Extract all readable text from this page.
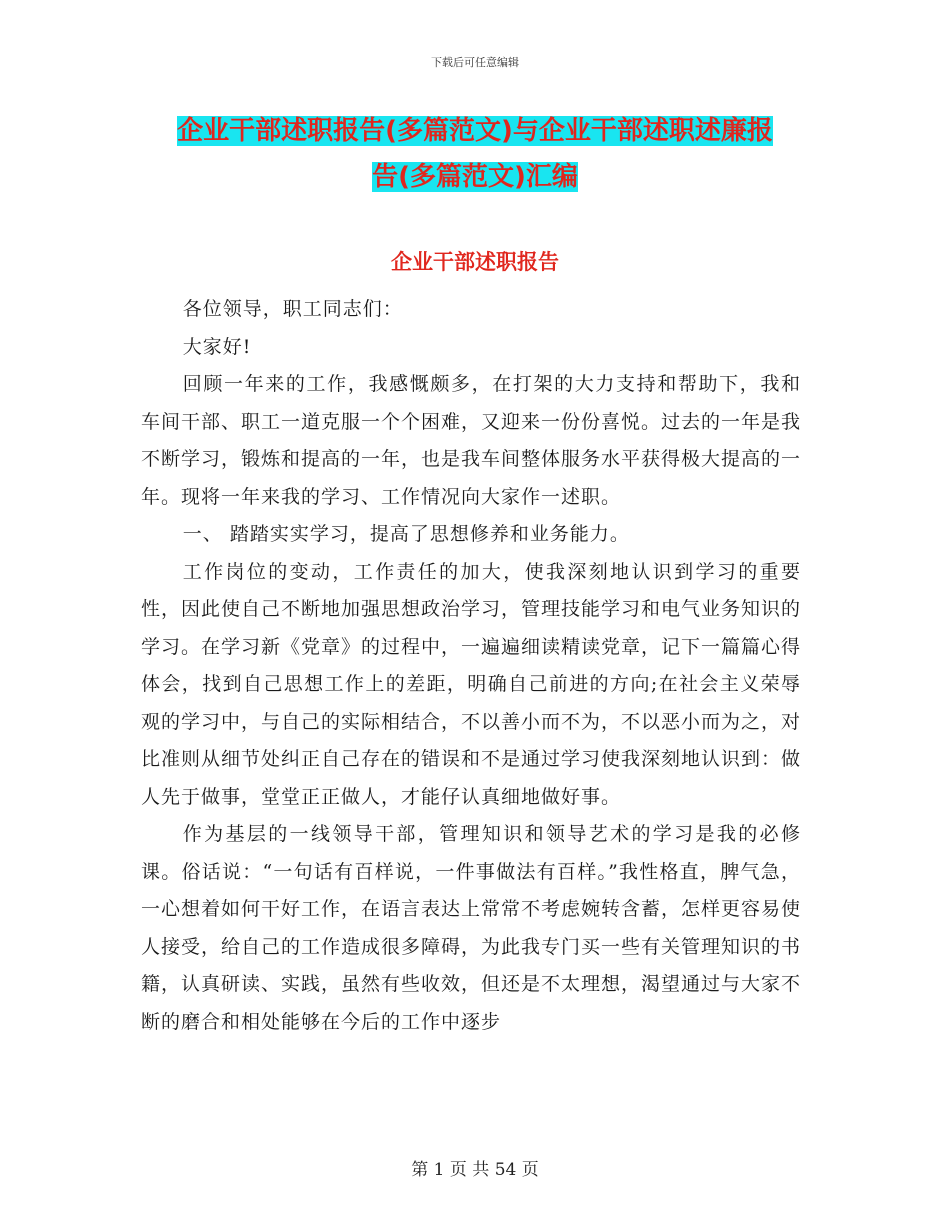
下载后可任意编辑
企业干部述职报告(多篇范文)与企业干部述职述廉报
告(多篇范文)汇编
企业干部述职报告

各位领导，职工同志们：

大家好!

回顾一年来的工作，我感慨颇多，在打架的大力支持和帮助下，我和车间干部、职工一道克服一个个困难，又迎来一份份喜悦。过去的一年是我不断学习，锻炼和提高的一年，也是我车间整体服务水平获得极大提高的一年。现将一年来我的学习、工作情况向大家作一述职。

一、 踏踏实实学习，提高了思想修养和业务能力。

工作岗位的变动，工作责任的加大，使我深刻地认识到学习的重要性，因此使自己不断地加强思想政治学习，管理技能学习和电气业务知识的学习。在学习新《党章》的过程中，一遍遍细读精读党章，记下一篇篇心得体会，找到自己思想工作上的差距，明确自己前进的方向;在社会主义荣辱观的学习中，与自己的实际相结合，不以善小而不为，不以恶小而为之，对比准则从细节处纠正自己存在的错误和不是通过学习使我深刻地认识到：做人先于做事，堂堂正正做人，才能仔认真细地做好事。

作为基层的一线领导干部，管理知识和领导艺术的学习是我的必修课。俗话说：“一句话有百样说，一件事做法有百样。”我性格直，脾气急，一心想着如何干好工作，在语言表达上常常不考虑婉转含蓄，怎样更容易使人接受，给自己的工作造成很多障碍，为此我专门买一些有关管理知识的书籍，认真研读、实践，虽然有些收效，但还是不太理想，渴望通过与大家不断的磨合和相处能够在今后的工作中逐步

第 1 页 共 54 页
